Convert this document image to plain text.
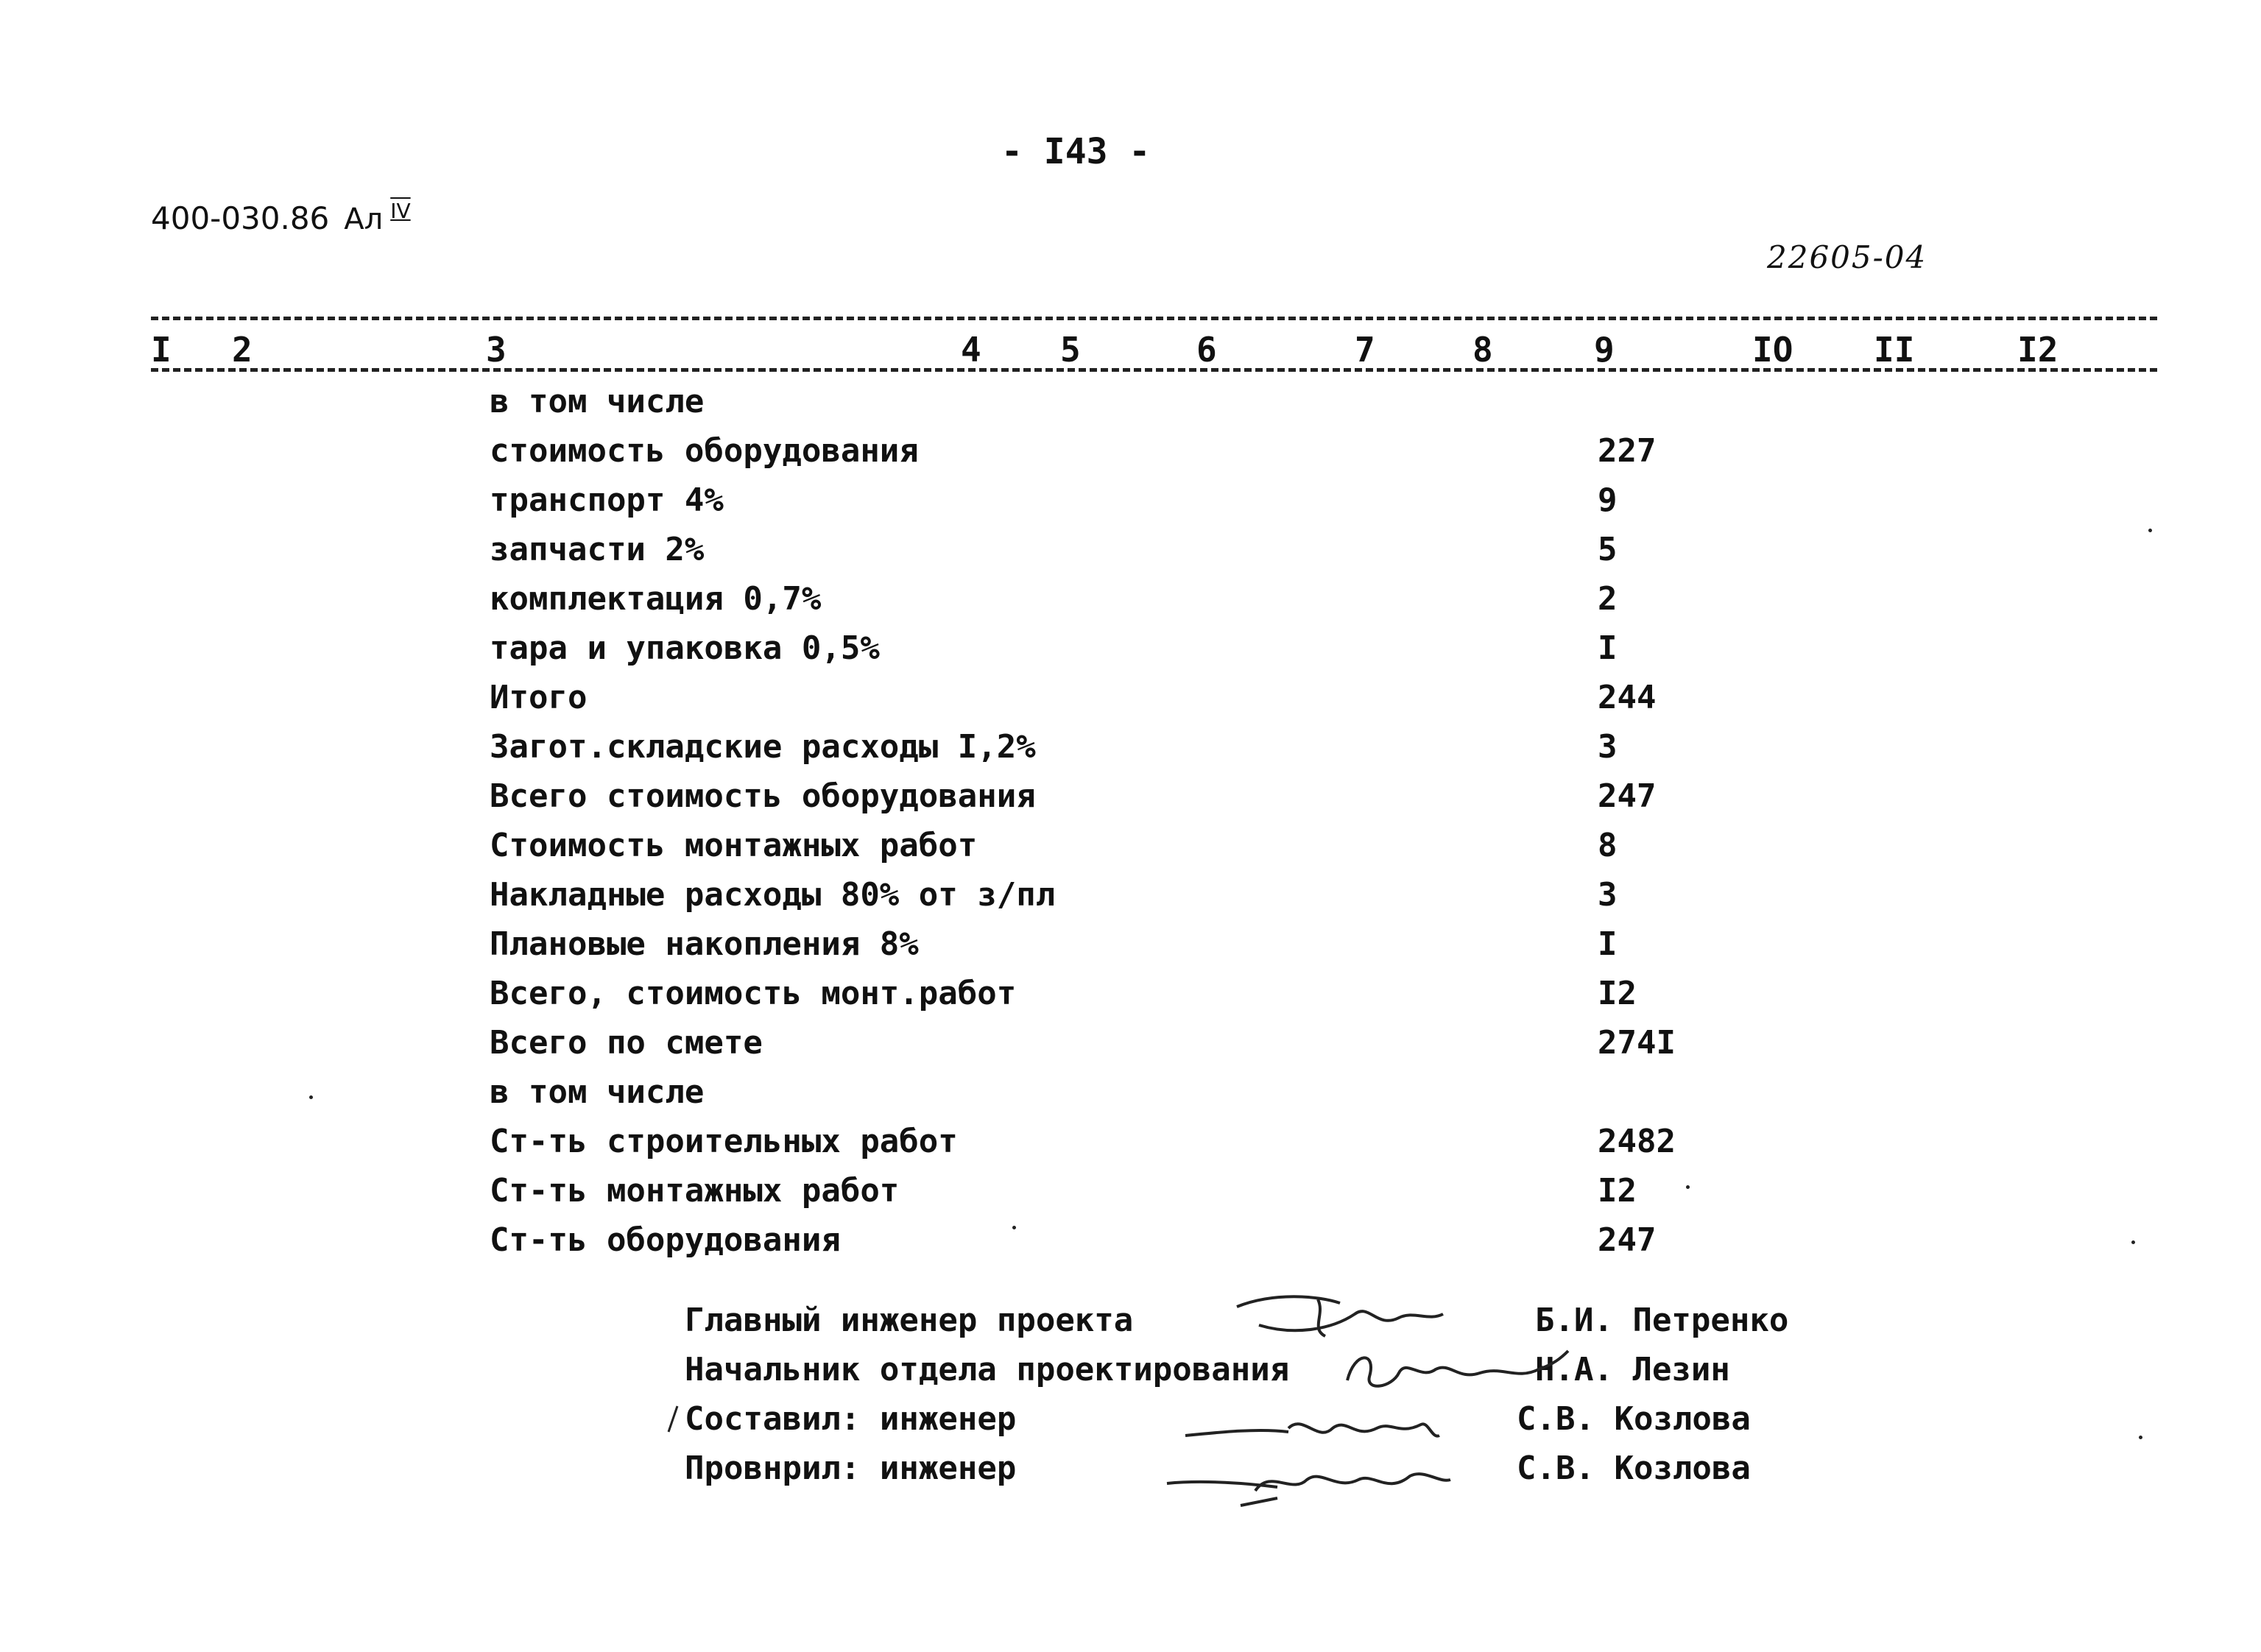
- I43 -
400-030.86 Ал $^{IV}$
22605-04
I 2	3	4 5	6	7	8	9	IO II	I2
в том числе
стоимость оборудования	227
транспорт 4%	9
запчасти 2%	5
комплектация 0,7%	2
тара и упаковка 0,5%	I
Итого	244
Загот.складские расходы I,2%	3
Всего стоимость оборудования	247
Стоимость монтажных работ	8
Накладные расходы 80% от з/пл	3
Плановые накопления 8%	I
Всего, стоимость монт.работ	I2
Всего по смете	274I
в том числе
Ст-ть строительных работ	2482
Ст-ть монтажных работ	I2
Ст-ть оборудования	247
Главный инженер проекта	Б.И. Петренко
Начальник отдела проектирования	Н.А. Лезин
Составил: инженер	С.В. Козлова
Провнрил: инженер	С.В. Козлова
